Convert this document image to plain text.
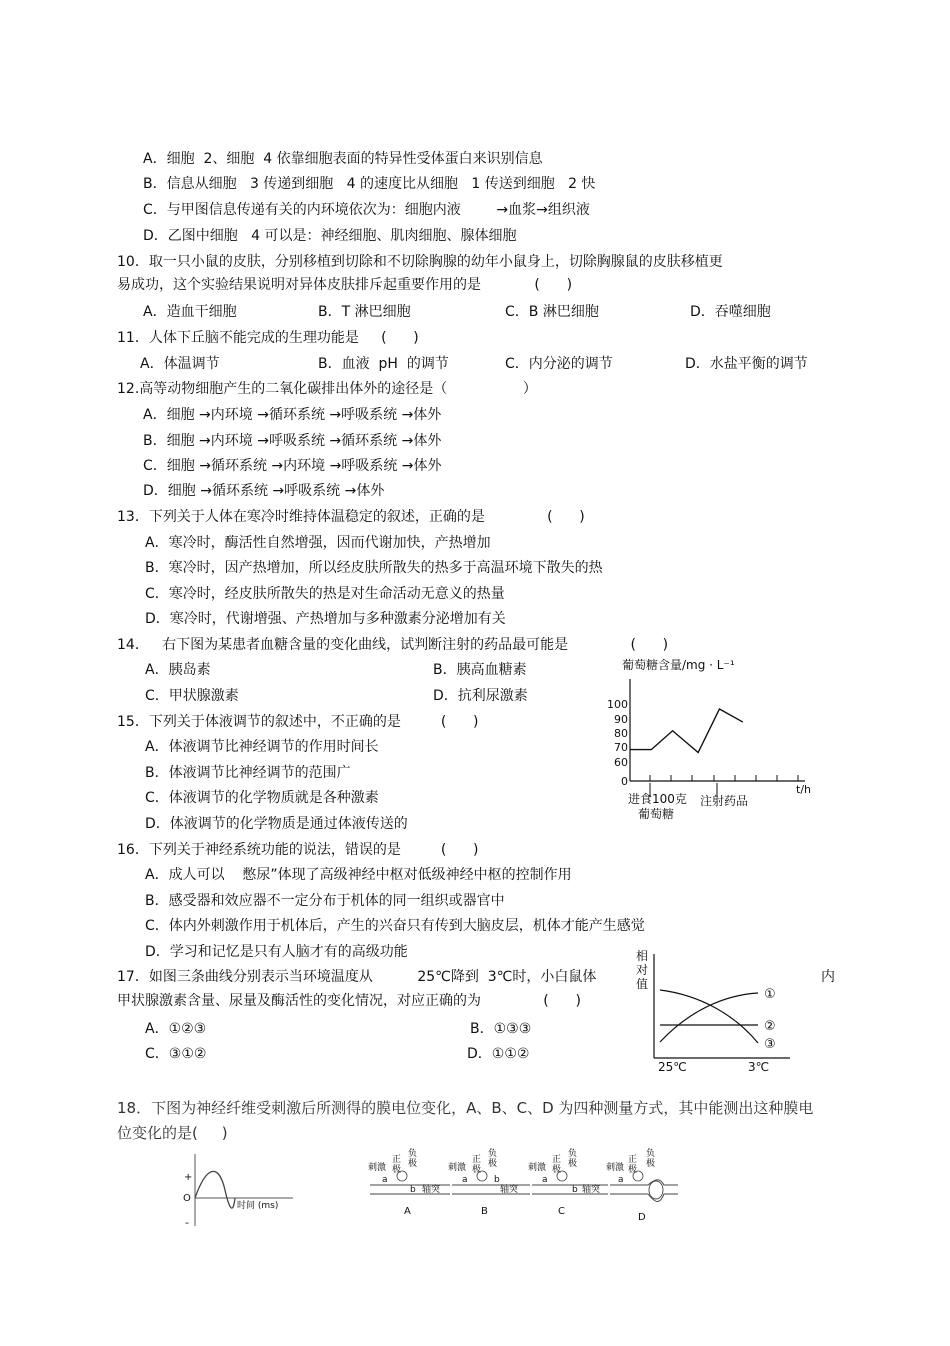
A．细胞  2、细胞  4 依靠细胞表面的特异性受体蛋白来识别信息
B．信息从细胞   3 传递到细胞   4 的速度比从细胞   1 传送到细胞   2 快
C．与甲图信息传递有关的内环境依次为：细胞内液        →血浆→组织液
D．乙图中细胞   4 可以是：神经细胞、肌肉细胞、腺体细胞
10．取一只小鼠的皮肤，分别移植到切除和不切除胸腺的幼年小鼠身上，切除胸腺鼠的皮肤移植更
易成功，这个实验结果说明对异体皮肤排斥起重要作用的是            (      )
A．造血干细胞	B．T 淋巴细胞	C．B 淋巴细胞	D．吞噬细胞
11．人体下丘脑不能完成的生理功能是     (      )
A．体温调节	B．血液  pH  的调节	C．内分泌的调节	D．水盐平衡的调节
12.高等动物细胞产生的二氧化碳排出体外的途径是（                 ）
A．细胞 →内环境 →循环系统 →呼吸系统 →体外
B．细胞 →内环境 →呼吸系统 →循环系统 →体外
C．细胞 →循环系统 →内环境 →呼吸系统 →体外
D．细胞 →循环系统 →呼吸系统 →体外
13．下列关于人体在寒冷时维持体温稳定的叙述，正确的是              (      )
A．寒冷时，酶活性自然增强，因而代谢加快，产热增加
B．寒冷时，因产热增加，所以经皮肤所散失的热多于高温环境下散失的热
C．寒冷时，经皮肤所散失的热是对生命活动无意义的热量
D．寒冷时，代谢增强、产热增加与多种激素分泌增加有关
14．   右下图为某患者血糖含量的变化曲线，试判断注射的药品最可能是              (      )
A．胰岛素	B．胰高血糖素
C．甲状腺激素	D．抗利尿激素
15．下列关于体液调节的叙述中，不正确的是         (      )
A．体液调节比神经调节的作用时间长
B．体液调节比神经调节的范围广
C．体液调节的化学物质就是各种激素
D．体液调节的化学物质是通过体液传送的
16．下列关于神经系统功能的说法，错误的是         (      )
A．成人可以    憋尿”体现了高级神经中枢对低级神经中枢的控制作用
B．感受器和效应器不一定分布于机体的同一组织或器官中
C．体内外刺激作用于机体后，产生的兴奋只有传到大脑皮层，机体才能产生感觉
D．学习和记忆是只有人脑才有的高级功能
17．如图三条曲线分别表示当环境温度从          25℃降到  3℃时，小白鼠体	内
甲状腺激素含量、尿量及酶活性的变化情况，对应正确的为              (      )
A．①②③	B．①③③
C．③①②	D．①①②
18．下图为神经纤维受刺激后所测得的膜电位变化，A、B、C、D 为四种测量方式，其中能测出这种膜电
位变化的是(     )
葡萄糖含量/mg · L⁻¹
100
90
80
70
60
0
t/h
进食100克
葡萄糖
注射药品
相
对
值
①
②
③
25℃	3℃
+
O
-
时间 (ms)
刺激
正
极
负
极
a
b 轴突
A
刺激
正
极
负
极
a	b
轴突
B
刺激
正
极
负
极
a
b 轴突
C
刺激
正
极
负
极
a
D
